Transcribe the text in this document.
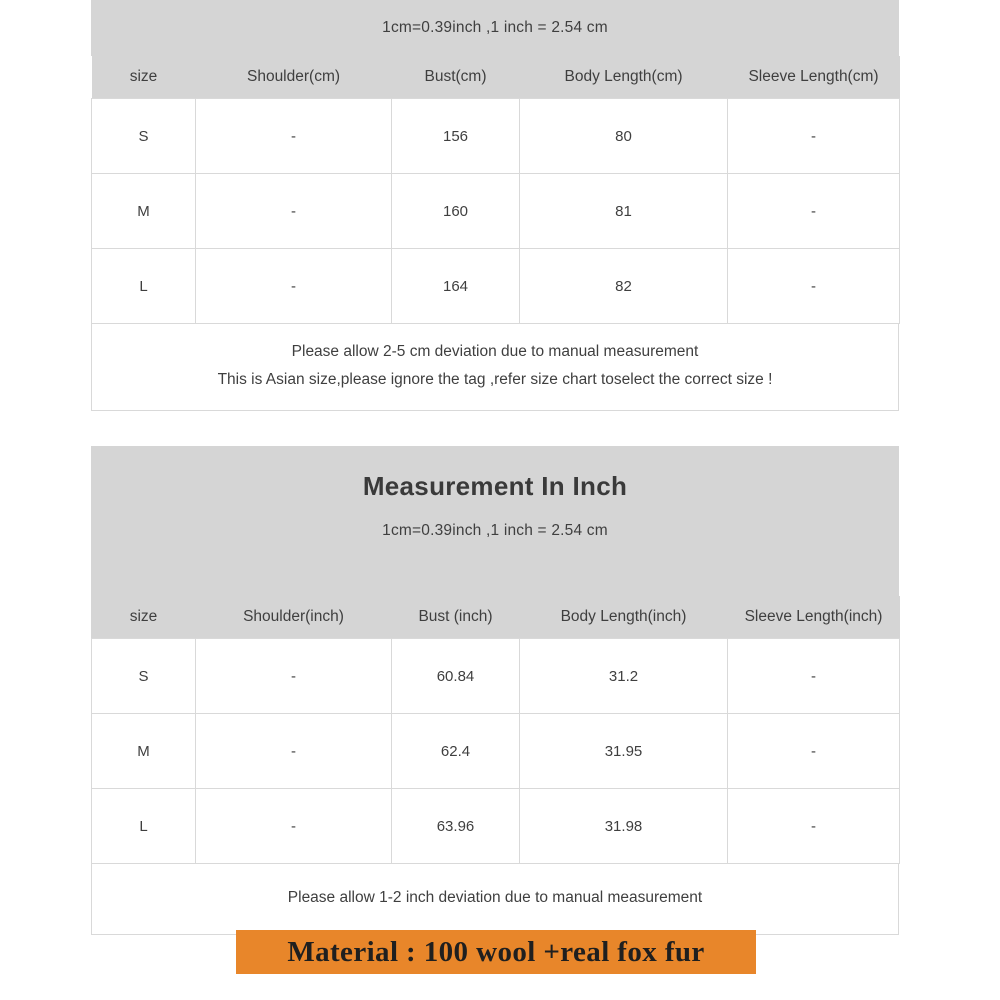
1cm=0.39inch ,1 inch = 2.54 cm
size	Shoulder(cm)	Bust(cm)	Body Length(cm)	Sleeve Length(cm)
S	-	156	80	-
M	-	160	81	-
L	-	164	82	-
Please allow 2-5 cm deviation due to manual measurement
This is Asian size,please ignore the tag ,refer size chart toselect the correct size !
Measurement In Inch
1cm=0.39inch ,1 inch = 2.54 cm
size	Shoulder(inch)	Bust (inch)	Body Length(inch)	Sleeve Length(inch)
S	-	60.84	31.2	-
M	-	62.4	31.95	-
L	-	63.96	31.98	-
Please allow 1-2 inch deviation due to manual measurement
Material : 100 wool +real fox fur
